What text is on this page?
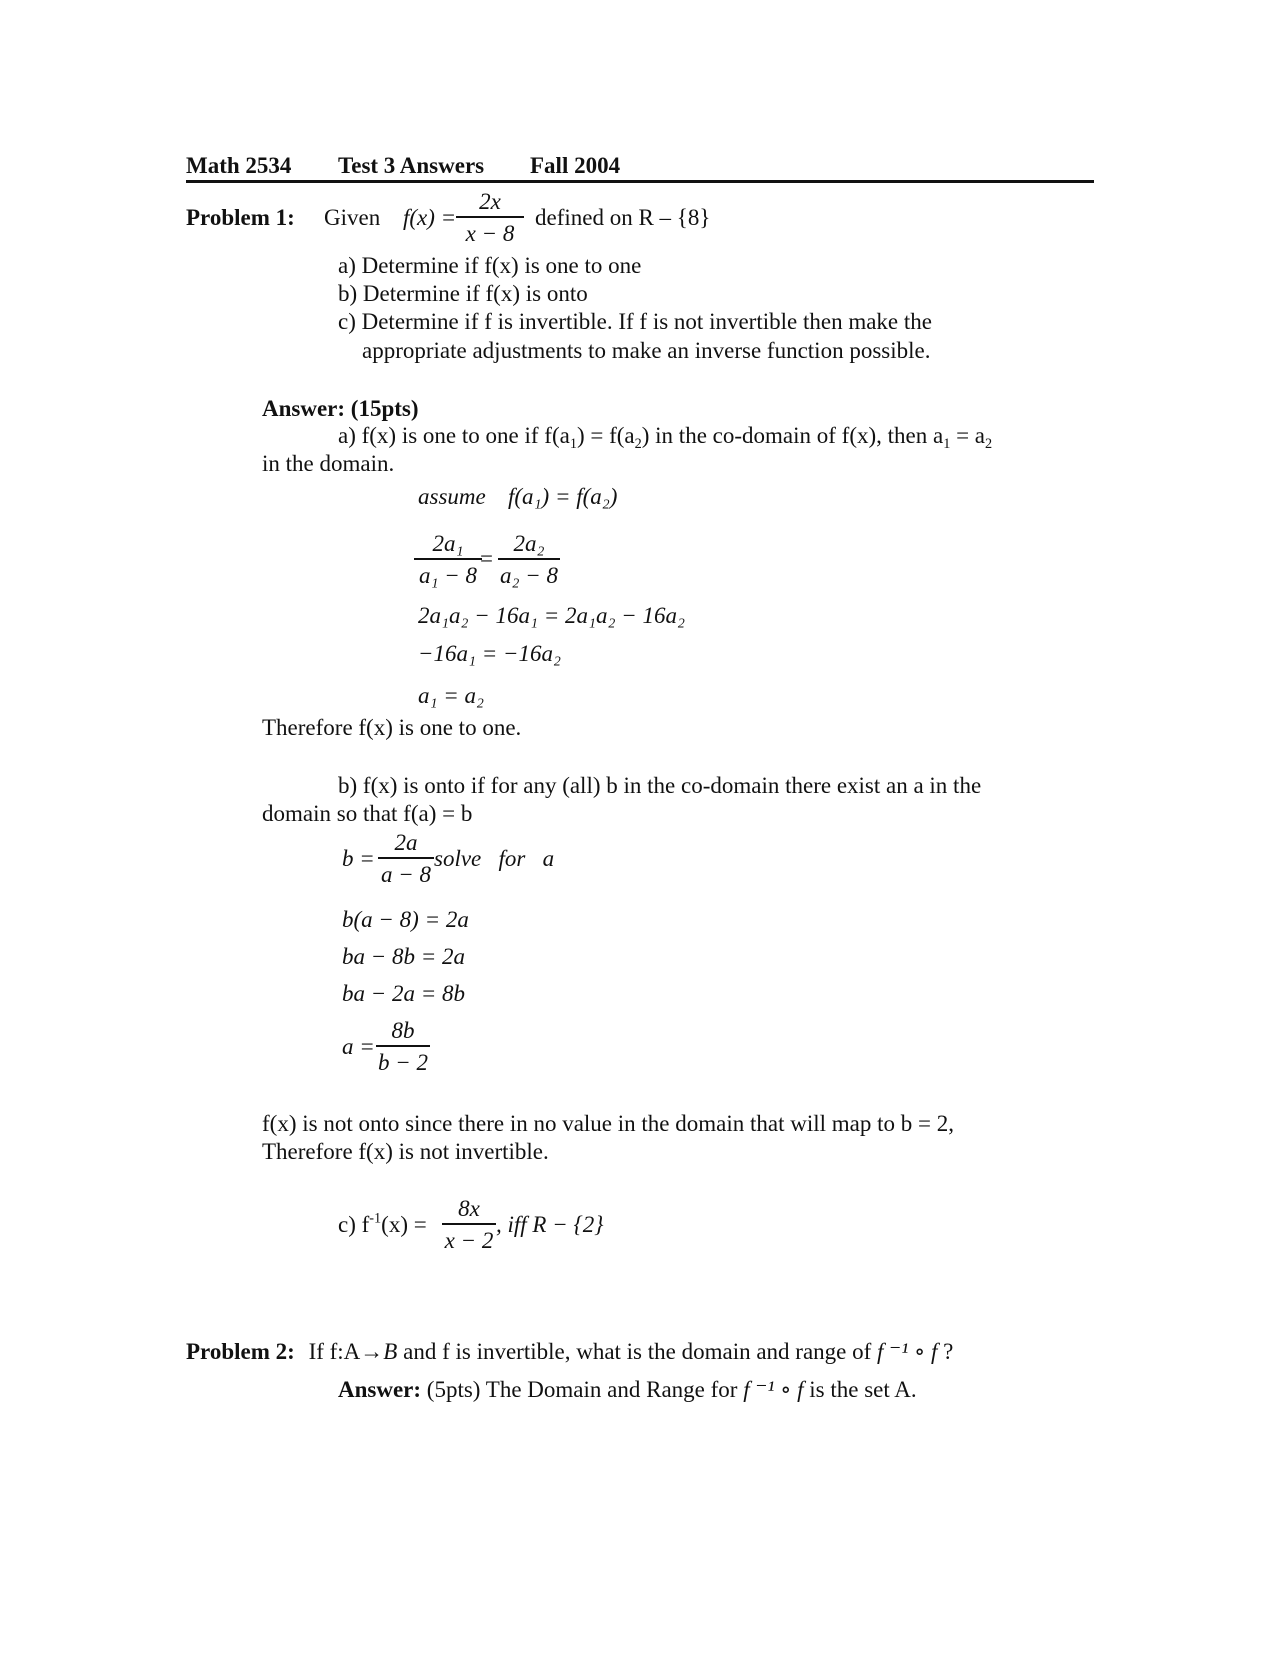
Math 2534 Test 3 Answers Fall 2004
Problem 1: Given f(x) =
2x
x − 8
defined on R – {8}
a) Determine if f(x) is one to one
b) Determine if f(x) is onto
c) Determine if f is invertible. If f is not invertible then make the
appropriate adjustments to make an inverse function possible.
Answer: (15pts)
a) f(x) is one to one if $f(a_1) = f(a_2)$ in the co-domain of f(x), then $a_1 = a_2$
in the domain.
assume f(a₁) = f(a₂)
2a₁
a₁ − 8
=
2a₂
a₂ − 8
2a₁a₂ − 16a₁ = 2a₁a₂ − 16a₂
−16a₁ = −16a₂
a₁ = a₂
Therefore f(x) is one to one.
b) f(x) is onto if for any (all) b in the co-domain there exist an a in the
domain so that f(a) = b
b =
2a
a − 8
solve   for   a
b(a − 8) = 2a
ba − 8b = 2a
ba − 2a = 8b
a =
8b
b − 2
f(x) is not onto since there in no value in the domain that will map to b = 2,
Therefore f(x) is not invertible.
c) $f^{-1}(x)$ =
8x
x − 2
, iff R − {2}
Problem 2: If f:A→B and f is invertible, what is the domain and range of f ⁻¹ ∘ f ?
Answer: (5pts) The Domain and Range for f ⁻¹ ∘ f is the set A.
